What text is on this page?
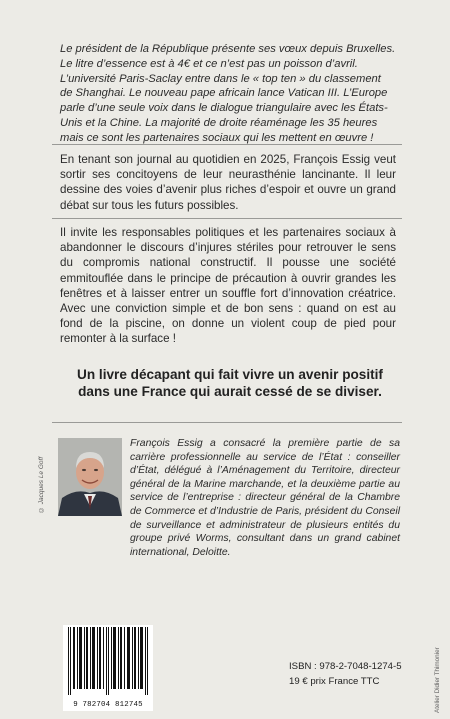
Le président de la République présente ses vœux depuis Bruxelles. Le litre d’essence est à 4€ et ce n’est pas un poisson d’avril. L’université Paris-Saclay entre dans le « top ten » du classement de Shanghai. Le nouveau pape africain lance Vatican III. L’Europe parle d’une seule voix dans le dialogue triangulaire avec les États-Unis et la Chine. La majorité de droite réaménage les 35 heures mais ce sont les partenaires sociaux qui les mettent en œuvre !

En tenant son journal au quotidien en 2025, François Essig veut sortir ses concitoyens de leur neurasthénie lancinante. Il leur dessine des voies d’avenir plus riches d’espoir et ouvre un grand débat sur tous les futurs possibles.

Il invite les responsables politiques et les partenaires sociaux à abandonner le discours d’injures stériles pour retrouver le sens du compromis national constructif. Il pousse une société emmitouflée dans le principe de précaution à ouvrir grandes les fenêtres et à laisser entrer un souffle fort d’innovation créatrice. Avec une conviction simple et de bon sens : quand on est au fond de la piscine, on donne un violent coup de pied pour remonter à la surface !

Un livre décapant qui fait vivre un avenir positif dans une France qui aurait cessé de se diviser.
© Jacques Le Goff

François Essig a consacré la première partie de sa carrière professionnelle au service de l’État : conseiller d’État, délégué à l’Aménagement du Territoire, directeur général de la Marine marchande, et la deuxième partie au service de l’entreprise : directeur général de la Chambre de Commerce et d’Industrie de Paris, président du Conseil de surveillance et administrateur de plusieurs entités du groupe privé Worms, consultant dans un grand cabinet international, Deloitte.

9 782704 812745
ISBN : 978-2-7048-1274-5
19 € prix France TTC	Atelier Didier Thimonier
